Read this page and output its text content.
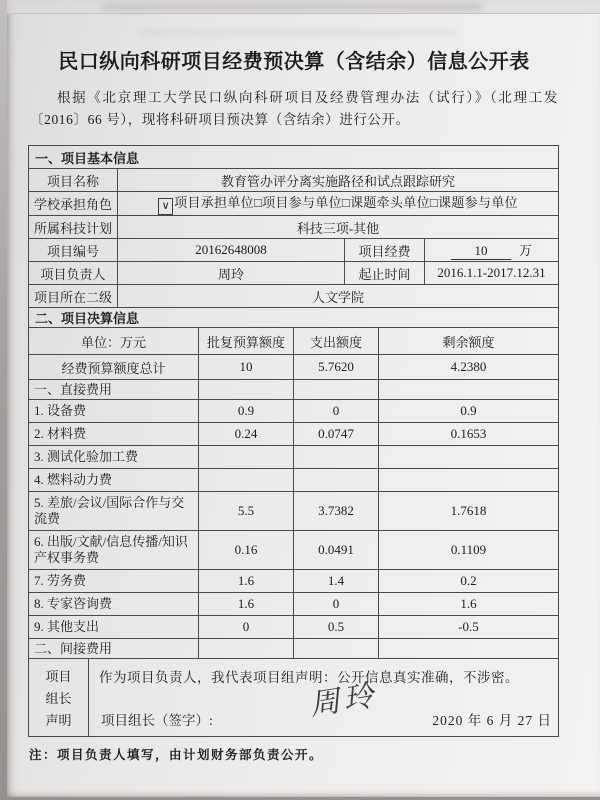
民口纵向科研项目经费预决算（含结余）信息公开表
根据《北京理工大学民口纵向科研项目及经费管理办法（试行）》（北理工发〔2016〕66 号），现将科研项目预决算（含结余）进行公开。
一、项目基本信息			
项目名称	教育管办评分离实施路径和试点跟踪研究		
学校承担角色	∨ 项目承担单位□项目参与单位□课题牵头单位□课题参与单位		
所属科技计划	科技三项-其他		
项目编号	20162648008	项目经费	10 万
项目负责人	周玲	起止时间	2016.1.1-2017.12.31
项目所在二级	人文学院		
二、项目决算信息			
单位：万元	批复预算额度	支出额度	剩余额度
经费预算额度总计	10	5.7620	4.2380
一、直接费用			
1. 设备费	0.9	0	0.9
2. 材料费	0.24	0.0747	0.1653
3. 测试化验加工费			
4. 燃料动力费			
5. 差旅/会议/国际合作与交流费	5.5	3.7382	1.7618
6. 出版/文献/信息传播/知识产权事务费	0.16	0.0491	0.1109
7. 劳务费	1.6	1.4	0.2
8. 专家咨询费	1.6	0	1.6
9. 其他支出	0	0.5	-0.5
二、间接费用			
项目
组长
声明

作为项目负责人，我代表项目组声明：公开信息真实准确，不涉密。
周玲
项目组长（签字）:	2020 年 6 月 27 日
注：项目负责人填写，由计划财务部负责公开。
